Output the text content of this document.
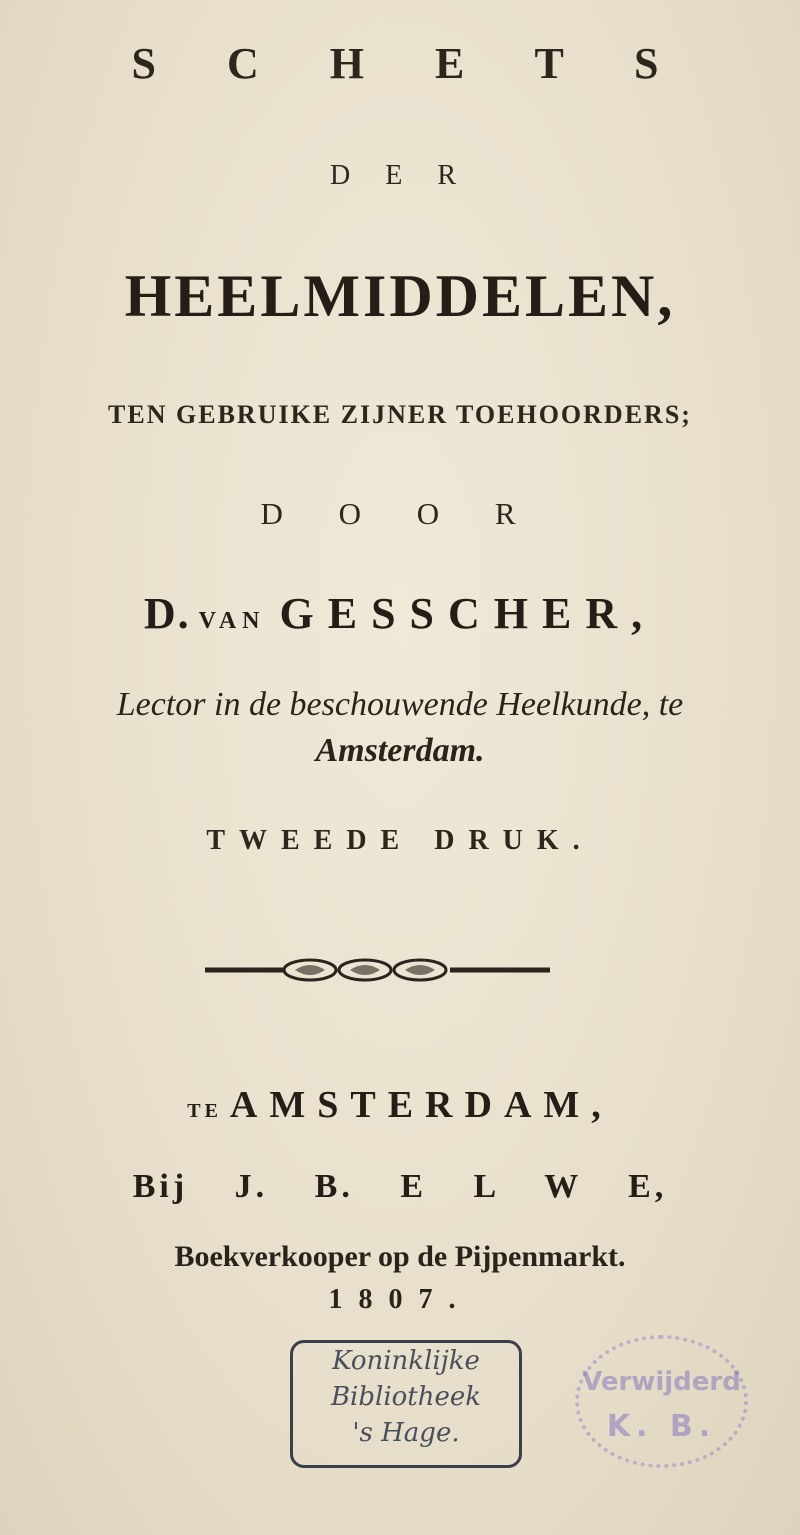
S C H E T S
D E R
HEELMIDDELEN,
TEN GEBRUIKE ZIJNER TOEHOORDERS;
D O O R
D. VAN GESSCHER,
Lector in de beschouwende Heelkunde, te
Amsterdam.
TWEEDE DRUK.
TE AMSTERDAM,
Bij J. B. E L W E,
Boekverkooper op de Pijpenmarkt.
1807.
Koninklijke
Bibliotheek
's Hage.
Verwijderd
K. B.
